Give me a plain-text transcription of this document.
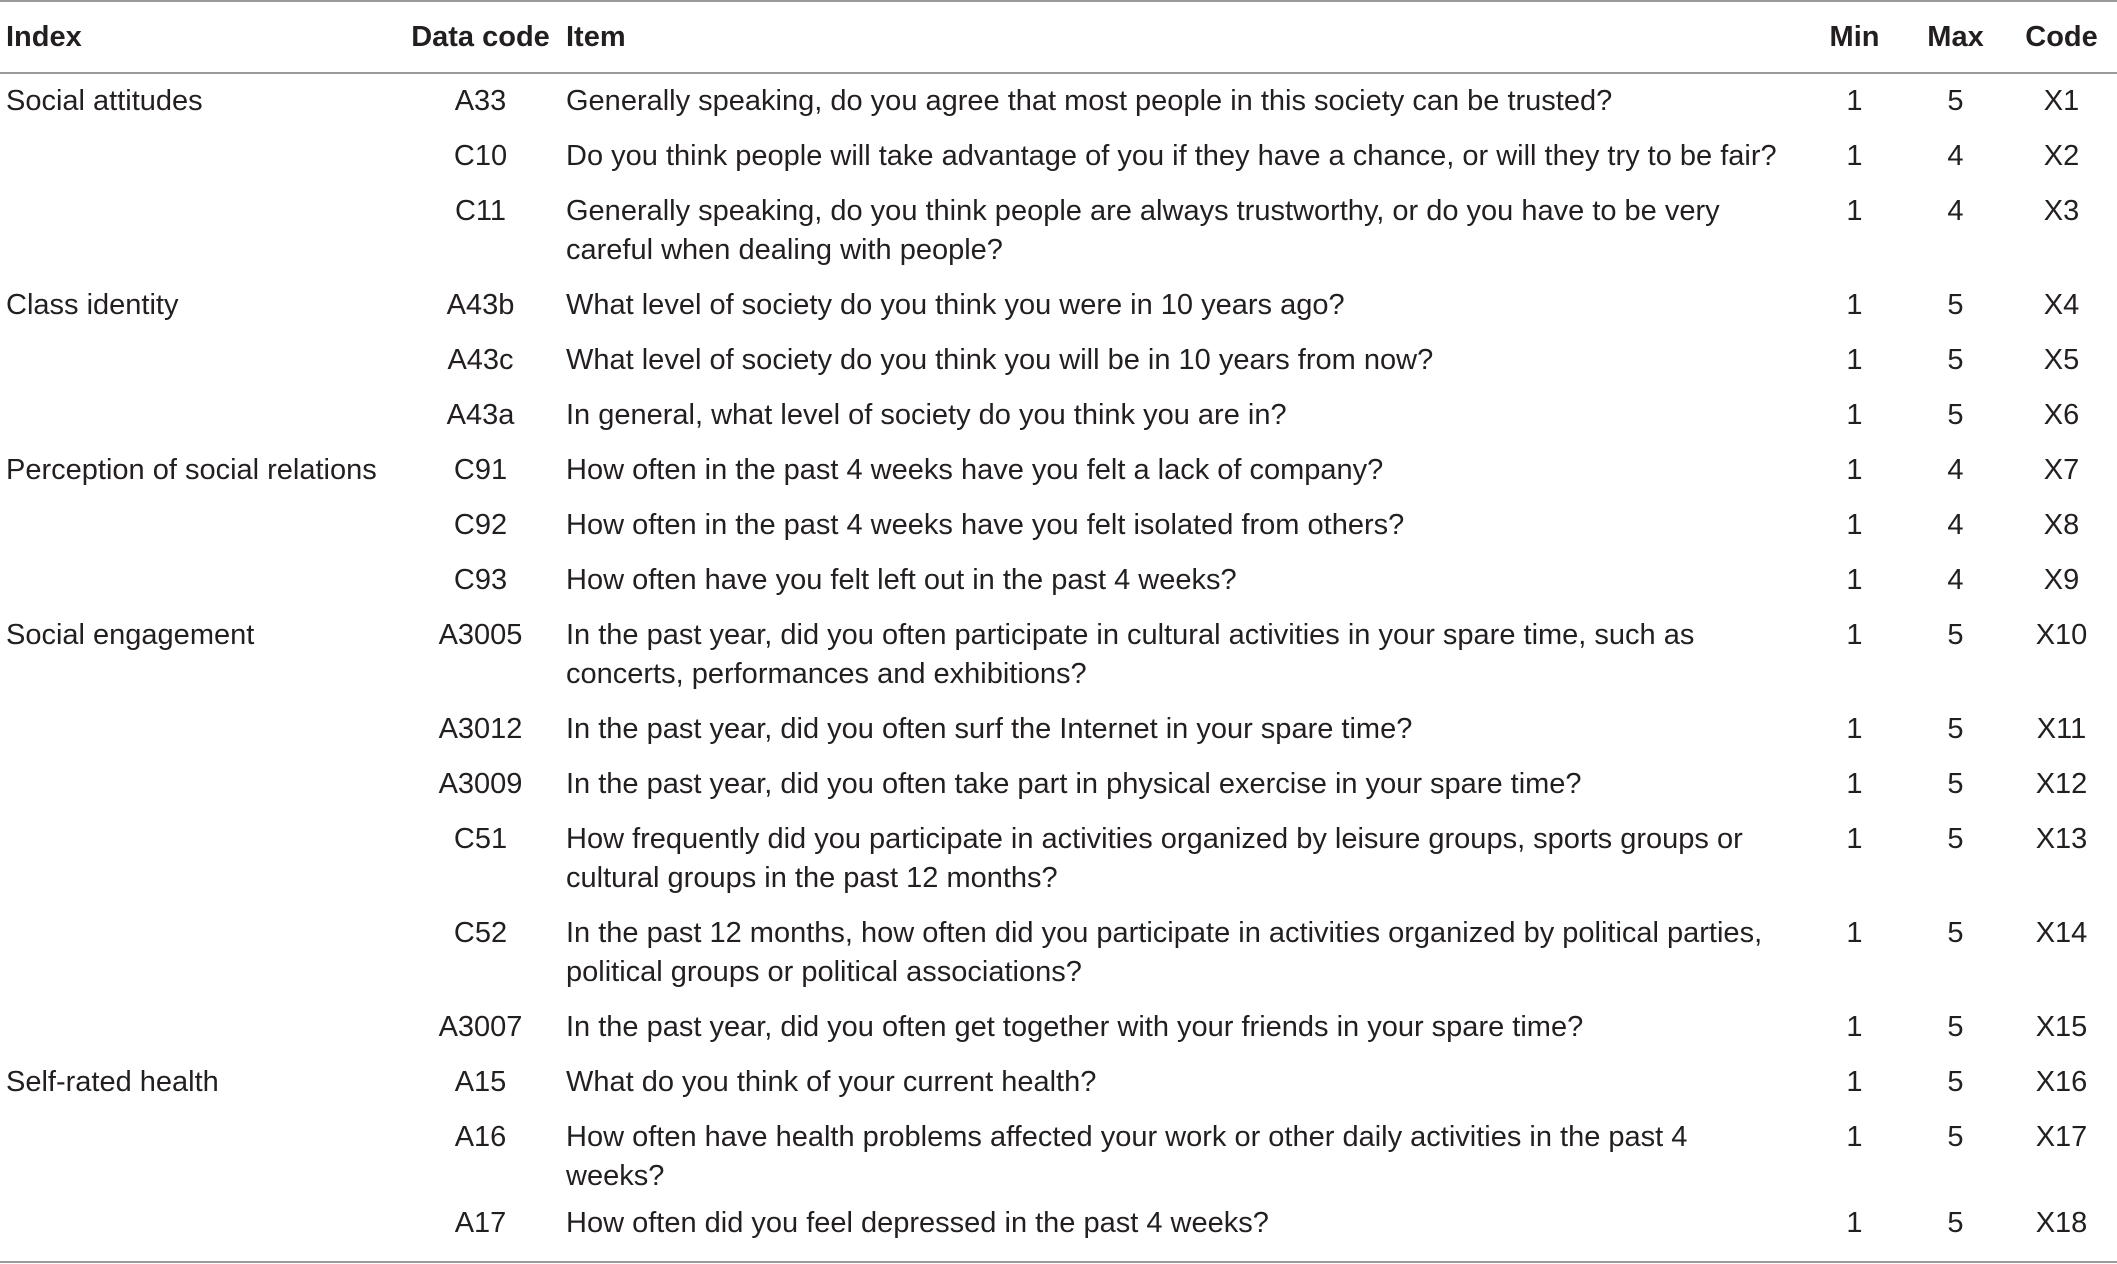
Index	Data code	Item	Min	Max	Code
Social attitudes	A33	Generally speaking, do you agree that most people in this society can be trusted?	1	5	X1
	C10	Do you think people will take advantage of you if they have a chance, or will they try to be fair?	1	4	X2
	C11	Generally speaking, do you think people are always trustworthy, or do you have to be very careful when dealing with people?	1	4	X3
Class identity	A43b	What level of society do you think you were in 10 years ago?	1	5	X4
	A43c	What level of society do you think you will be in 10 years from now?	1	5	X5
	A43a	In general, what level of society do you think you are in?	1	5	X6
Perception of social relations	C91	How often in the past 4 weeks have you felt a lack of company?	1	4	X7
	C92	How often in the past 4 weeks have you felt isolated from others?	1	4	X8
	C93	How often have you felt left out in the past 4 weeks?	1	4	X9
Social engagement	A3005	In the past year, did you often participate in cultural activities in your spare time, such as concerts, performances and exhibitions?	1	5	X10
	A3012	In the past year, did you often surf the Internet in your spare time?	1	5	X11
	A3009	In the past year, did you often take part in physical exercise in your spare time?	1	5	X12
	C51	How frequently did you participate in activities organized by leisure groups, sports groups or cultural groups in the past 12 months?	1	5	X13
	C52	In the past 12 months, how often did you participate in activities organized by political parties, political groups or political associations?	1	5	X14
	A3007	In the past year, did you often get together with your friends in your spare time?	1	5	X15
Self-rated health	A15	What do you think of your current health?	1	5	X16
	A16	How often have health problems affected your work or other daily activities in the past 4 weeks?	1	5	X17
	A17	How often did you feel depressed in the past 4 weeks?	1	5	X18
